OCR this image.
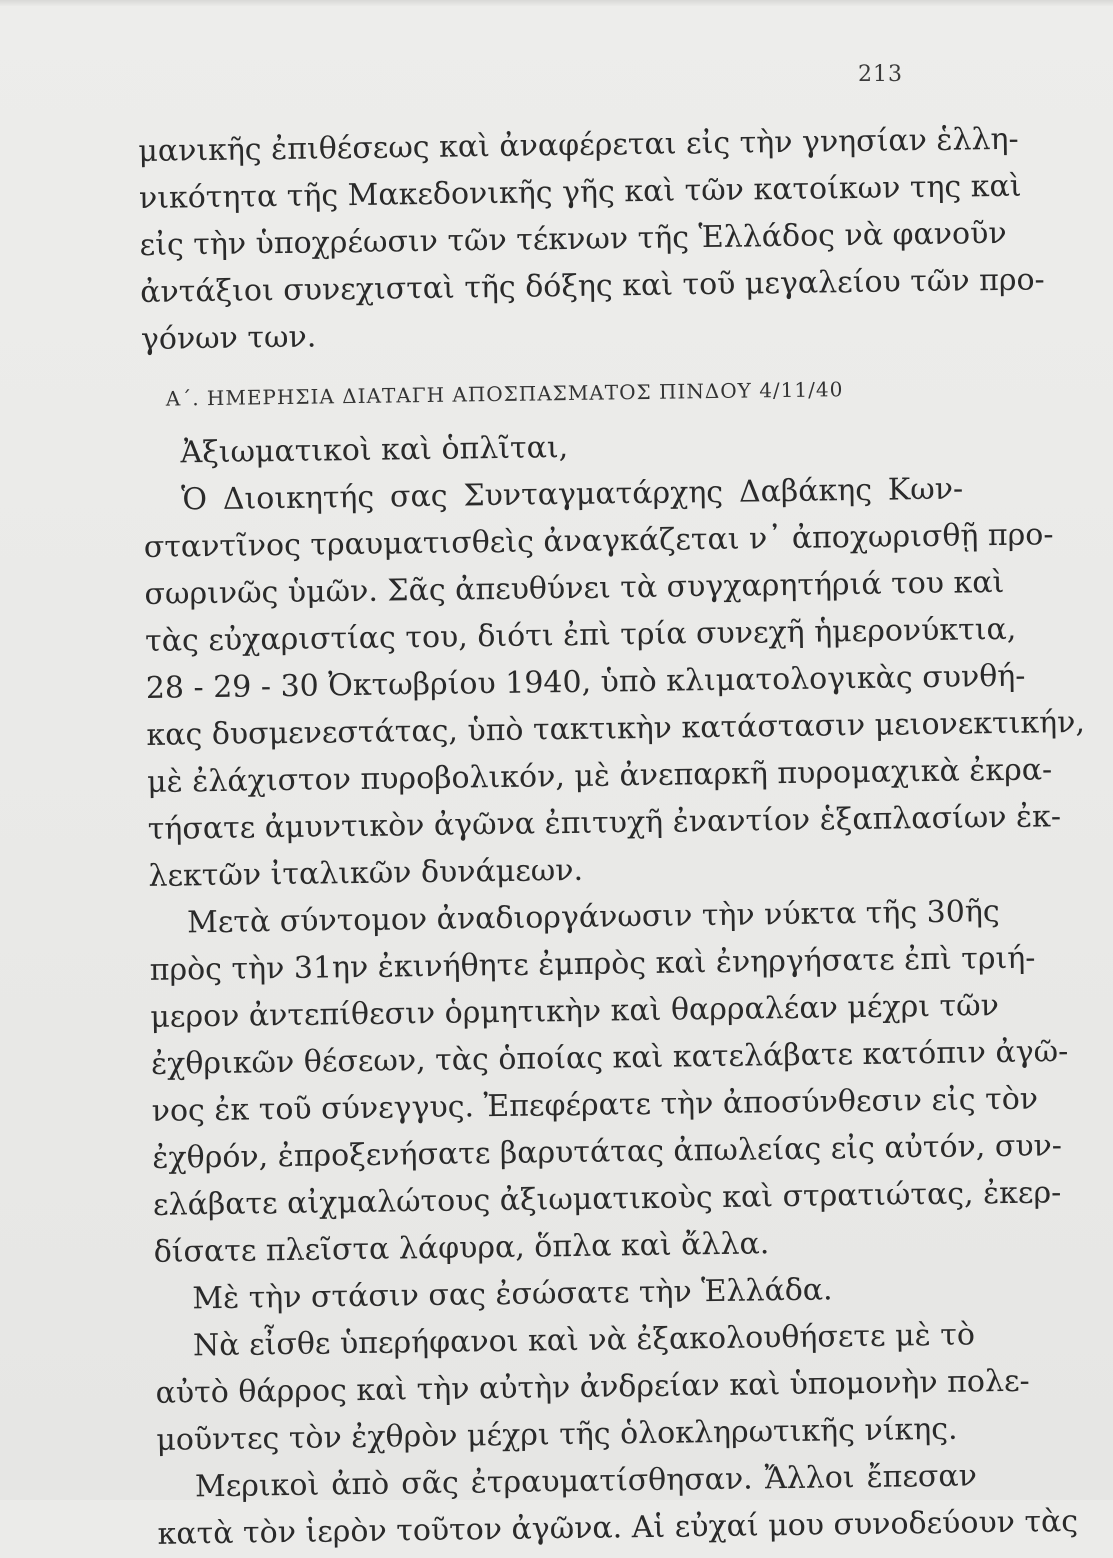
213
μανικῆς ἐπιθέσεως καὶ ἀναφέρεται εἰς τὴν γνησίαν ἑλλη-
νικότητα τῆς Μακεδονικῆς γῆς καὶ τῶν κατοίκων της καὶ
εἰς τὴν ὑποχρέωσιν τῶν τέκνων τῆς Ἑλλάδος νὰ φανοῦν
ἀντάξιοι συνεχισταὶ τῆς δόξης καὶ τοῦ μεγαλείου τῶν προ-
γόνων των.
Α΄. ΗΜΕΡΗΣΙΑ ΔΙΑΤΑΓΗ ΑΠΟΣΠΑΣΜΑΤΟΣ ΠΙΝΔΟΥ 4/11/40
Ἀξιωματικοὶ καὶ ὁπλῖται,
Ὁ Διοικητής σας Συνταγματάρχης Δαβάκης Κων-
σταντῖνος τραυματισθεὶς ἀναγκάζεται ν᾿ ἀποχωρισθῇ προ-
σωρινῶς ὑμῶν. Σᾶς ἀπευθύνει τὰ συγχαρητήριά του καὶ
τὰς εὐχαριστίας του, διότι ἐπὶ τρία συνεχῆ ἡμερονύκτια,
28 - 29 - 30 Ὀκτωβρίου 1940, ὑπὸ κλιματολογικὰς συνθή-
κας δυσμενεστάτας, ὑπὸ τακτικὴν κατάστασιν μειονεκτικήν,
μὲ ἐλάχιστον πυροβολικόν, μὲ ἀνεπαρκῆ πυρομαχικὰ ἐκρα-
τήσατε ἀμυντικὸν ἀγῶνα ἐπιτυχῆ ἐναντίον ἑξαπλασίων ἐκ-
λεκτῶν ἰταλικῶν δυνάμεων.
Μετὰ σύντομον ἀναδιοργάνωσιν τὴν νύκτα τῆς 30ῆς
πρὸς τὴν 31ην ἐκινήθητε ἐμπρὸς καὶ ἐνηργήσατε ἐπὶ τριή-
μερον ἀντεπίθεσιν ὁρμητικὴν καὶ θαρραλέαν μέχρι τῶν
ἐχθρικῶν θέσεων, τὰς ὁποίας καὶ κατελάβατε κατόπιν ἀγῶ-
νος ἐκ τοῦ σύνεγγυς. Ἐπεφέρατε τὴν ἀποσύνθεσιν εἰς τὸν
ἐχθρόν, ἐπροξενήσατε βαρυτάτας ἀπωλείας εἰς αὐτόν, συν-
ελάβατε αἰχμαλώτους ἀξιωματικοὺς καὶ στρατιώτας, ἐκερ-
δίσατε πλεῖστα λάφυρα, ὅπλα καὶ ἄλλα.
Μὲ τὴν στάσιν σας ἐσώσατε τὴν Ἑλλάδα.
Νὰ εἶσθε ὑπερήφανοι καὶ νὰ ἐξακολουθήσετε μὲ τὸ
αὐτὸ θάρρος καὶ τὴν αὐτὴν ἀνδρείαν καὶ ὑπομονὴν πολε-
μοῦντες τὸν ἐχθρὸν μέχρι τῆς ὁλοκληρωτικῆς νίκης.
Μερικοὶ ἀπὸ σᾶς ἐτραυματίσθησαν. Ἄλλοι ἔπεσαν
κατὰ τὸν ἱερὸν τοῦτον ἀγῶνα. Αἱ εὐχαί μου συνοδεύουν τὰς
